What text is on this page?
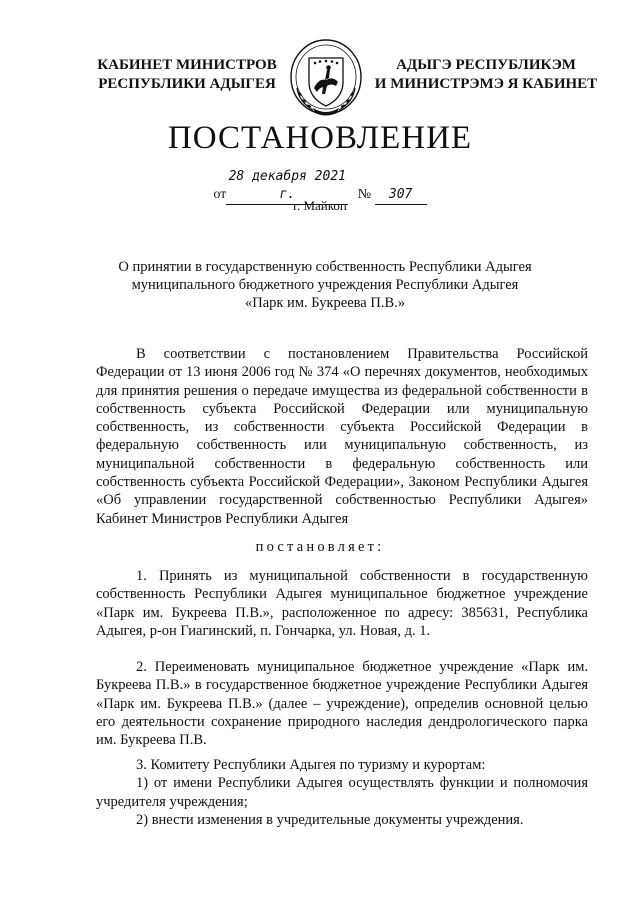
КАБИНЕТ МИНИСТРОВ
РЕСПУБЛИКИ АДЫГЕЯ
АДЫГЭ РЕСПУБЛИКЭМ
И МИНИСТРЭМЭ Я КАБИНЕТ
ПОСТАНОВЛЕНИЕ
от28 декабря 2021 г.	№ 307
г. Майкоп
О принятии в государственную собственность Республики Адыгея
муниципального бюджетного учреждения Республики Адыгея
«Парк им. Букреева П.В.»

В соответствии с постановлением Правительства Российской Федерации от 13 июня 2006 год № 374 «О перечнях документов, необходимых для принятия решения о передаче имущества из федеральной собственности в собственность субъекта Российской Федерации или муниципальную собственность, из собственности субъекта Российской Федерации в федеральную собственность или муниципальную собственность, из муниципальной собственности в федеральную собственность или собственность субъекта Российской Федерации», Законом Республики Адыгея «Об управлении государственной собственностью Республики Адыгея» Кабинет Министров Республики Адыгея

постановляет:

1. Принять из муниципальной собственности в государственную собственность Республики Адыгея муниципальное бюджетное учреждение «Парк им. Букреева П.В.», расположенное по адресу: 385631, Республика Адыгея, р-он Гиагинский, п. Гончарка, ул. Новая, д. 1.

2. Переименовать муниципальное бюджетное учреждение «Парк им. Букреева П.В.» в государственное бюджетное учреждение Республики Адыгея «Парк им. Букреева П.В.» (далее – учреждение), определив основной целью его деятельности сохранение природного наследия дендрологического парка им. Букреева П.В.

3. Комитету Республики Адыгея по туризму и курортам:

1) от имени Республики Адыгея осуществлять функции и полномочия учредителя учреждения;

2) внести изменения в учредительные документы учреждения.
